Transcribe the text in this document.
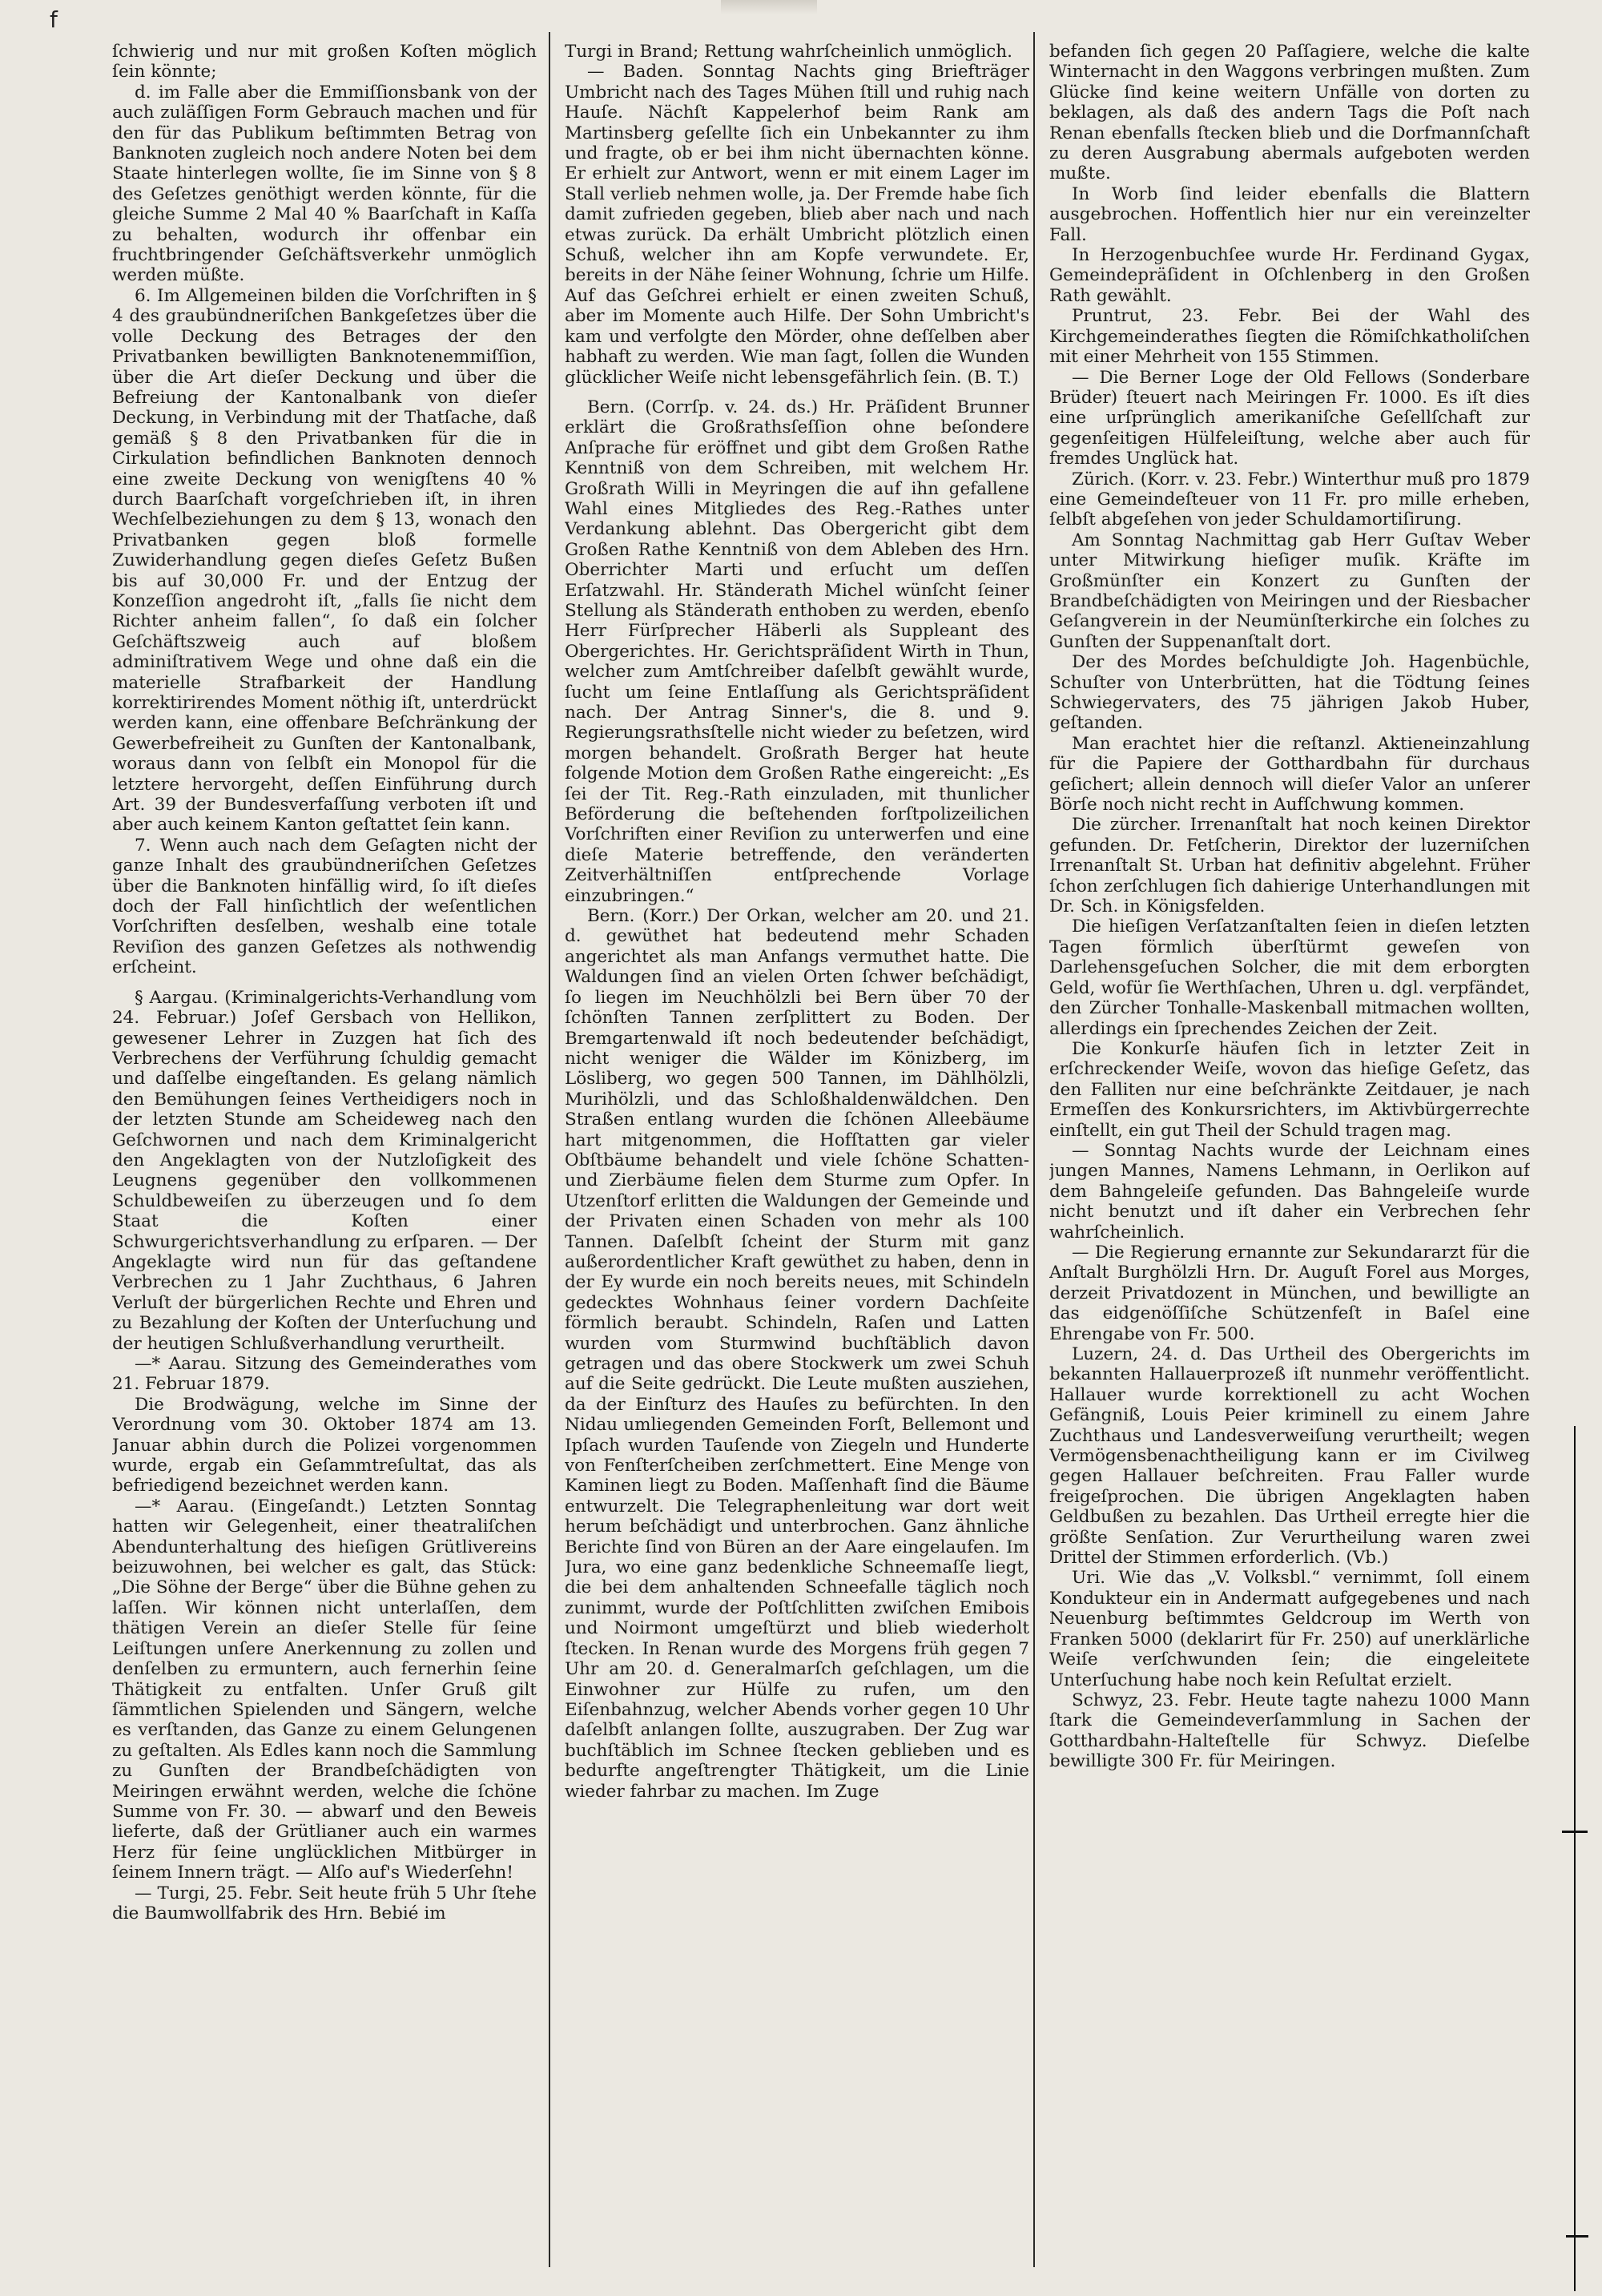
f

ſchwierig und nur mit großen Koſten möglich ſein könnte;

d. im Falle aber die Emmiſſionsbank von der auch zuläſſigen Form Gebrauch machen und für den für das Publikum beſtimmten Betrag von Banknoten zugleich noch andere Noten bei dem Staate hinterlegen wollte, ſie im Sinne von § 8 des Geſetzes genöthigt werden könnte, für die gleiche Summe 2 Mal 40 % Baarſchaft in Kaſſa zu behalten, wodurch ihr offenbar ein fruchtbringender Geſchäftsverkehr unmöglich werden müßte.

6. Im Allgemeinen bilden die Vorſchriften in § 4 des graubündneriſchen Bankgeſetzes über die volle Deckung des Betrages der den Privatbanken bewilligten Banknotenemmiſſion, über die Art dieſer Deckung und über die Befreiung der Kantonalbank von dieſer Deckung, in Verbindung mit der Thatſache, daß gemäß § 8 den Privatbanken für die in Cirkulation befindlichen Banknoten dennoch eine zweite Deckung von wenigſtens 40 % durch Baarſchaft vorgeſchrieben iſt, in ihren Wechſelbeziehungen zu dem § 13, wonach den Privatbanken gegen bloß formelle Zuwiderhandlung gegen dieſes Geſetz Bußen bis auf 30,000 Fr. und der Entzug der Konzeſſion angedroht iſt, „falls ſie nicht dem Richter anheim fallen“, ſo daß ein ſolcher Geſchäftszweig auch auf bloßem adminiſtrativem Wege und ohne daß ein die materielle Strafbarkeit der Handlung korrektirirendes Moment nöthig iſt, unterdrückt werden kann, eine offenbare Beſchränkung der Gewerbefreiheit zu Gunſten der Kantonalbank, woraus dann von ſelbſt ein Monopol für die letztere hervorgeht, deſſen Einführung durch Art. 39 der Bundesverfaſſung verboten iſt und aber auch keinem Kanton geſtattet ſein kann.

7. Wenn auch nach dem Geſagten nicht der ganze Inhalt des graubündneriſchen Geſetzes über die Banknoten hinfällig wird, ſo iſt dieſes doch der Fall hinſichtlich der weſentlichen Vorſchriften desſelben, weshalb eine totale Reviſion des ganzen Geſetzes als nothwendig erſcheint.

§ Aargau. (Kriminalgerichts-Verhandlung vom 24. Februar.) Joſef Gersbach von Hellikon, gewesener Lehrer in Zuzgen hat ſich des Verbrechens der Verführung ſchuldig gemacht und daſſelbe eingeſtanden. Es gelang nämlich den Bemühungen ſeines Vertheidigers noch in der letzten Stunde am Scheideweg nach den Geſchwornen und nach dem Kriminalgericht den Angeklagten von der Nutzloſigkeit des Leugnens gegenüber den vollkommenen Schuldbeweiſen zu überzeugen und ſo dem Staat die Koſten einer Schwurgerichtsverhandlung zu erſparen. — Der Angeklagte wird nun für das geſtandene Verbrechen zu 1 Jahr Zuchthaus, 6 Jahren Verluſt der bürgerlichen Rechte und Ehren und zu Bezahlung der Koſten der Unterſuchung und der heutigen Schlußverhandlung verurtheilt.

—* Aarau. Sitzung des Gemeinderathes vom 21. Februar 1879.

Die Brodwägung, welche im Sinne der Verordnung vom 30. Oktober 1874 am 13. Januar abhin durch die Polizei vorgenommen wurde, ergab ein Geſammtreſultat, das als befriedigend bezeichnet werden kann.

—* Aarau. (Eingeſandt.) Letzten Sonntag hatten wir Gelegenheit, einer theatraliſchen Abendunterhaltung des hieſigen Grütlivereins beizuwohnen, bei welcher es galt, das Stück: „Die Söhne der Berge“ über die Bühne gehen zu laſſen. Wir können nicht unterlaſſen, dem thätigen Verein an dieſer Stelle für ſeine Leiſtungen unſere Anerkennung zu zollen und denſelben zu ermuntern, auch fernerhin ſeine Thätigkeit zu entfalten. Unſer Gruß gilt ſämmtlichen Spielenden und Sängern, welche es verſtanden, das Ganze zu einem Gelungenen zu geſtalten. Als Edles kann noch die Sammlung zu Gunſten der Brandbeſchädigten von Meiringen erwähnt werden, welche die ſchöne Summe von Fr. 30. — abwarf und den Beweis lieferte, daß der Grütlianer auch ein warmes Herz für ſeine unglücklichen Mitbürger in ſeinem Innern trägt. — Alſo auf's Wiederſehn!

— Turgi, 25. Febr. Seit heute früh 5 Uhr ſtehe die Baumwollfabrik des Hrn. Bebié im

Turgi in Brand; Rettung wahrſcheinlich unmöglich.

— Baden. Sonntag Nachts ging Briefträger Umbricht nach des Tages Mühen ſtill und ruhig nach Hauſe. Nächſt Kappelerhof beim Rank am Martinsberg geſellte ſich ein Unbekannter zu ihm und fragte, ob er bei ihm nicht übernachten könne. Er erhielt zur Antwort, wenn er mit einem Lager im Stall verlieb nehmen wolle, ja. Der Fremde habe ſich damit zufrieden gegeben, blieb aber nach und nach etwas zurück. Da erhält Umbricht plötzlich einen Schuß, welcher ihn am Kopfe verwundete. Er, bereits in der Nähe ſeiner Wohnung, ſchrie um Hilfe. Auf das Geſchrei erhielt er einen zweiten Schuß, aber im Momente auch Hilfe. Der Sohn Umbricht's kam und verfolgte den Mörder, ohne deſſelben aber habhaft zu werden. Wie man ſagt, ſollen die Wunden glücklicher Weiſe nicht lebensgefährlich ſein. (B. T.)

Bern. (Corrſp. v. 24. ds.) Hr. Präſident Brunner erklärt die Großrathsſeſſion ohne beſondere Anſprache für eröffnet und gibt dem Großen Rathe Kenntniß von dem Schreiben, mit welchem Hr. Großrath Willi in Meyringen die auf ihn gefallene Wahl eines Mitgliedes des Reg.-Rathes unter Verdankung ablehnt. Das Obergericht gibt dem Großen Rathe Kenntniß von dem Ableben des Hrn. Oberrichter Marti und erſucht um deſſen Erſatzwahl. Hr. Ständerath Michel wünſcht ſeiner Stellung als Ständerath enthoben zu werden, ebenſo Herr Fürſprecher Häberli als Suppleant des Obergerichtes. Hr. Gerichtspräſident Wirth in Thun, welcher zum Amtſchreiber daſelbſt gewählt wurde, ſucht um ſeine Entlaſſung als Gerichtspräſident nach. Der Antrag Sinner's, die 8. und 9. Regierungsrathsſtelle nicht wieder zu beſetzen, wird morgen behandelt. Großrath Berger hat heute folgende Motion dem Großen Rathe eingereicht: „Es ſei der Tit. Reg.-Rath einzuladen, mit thunlicher Beförderung die beſtehenden forſtpolizeilichen Vorſchriften einer Reviſion zu unterwerfen und eine dieſe Materie betreffende, den veränderten Zeitverhältniſſen entſprechende Vorlage einzubringen.“

Bern. (Korr.) Der Orkan, welcher am 20. und 21. d. gewüthet hat bedeutend mehr Schaden angerichtet als man Anfangs vermuthet hatte. Die Waldungen ſind an vielen Orten ſchwer beſchädigt, ſo liegen im Neuchhölzli bei Bern über 70 der ſchönſten Tannen zerſplittert zu Boden. Der Bremgartenwald iſt noch bedeutender beſchädigt, nicht weniger die Wälder im Könizberg, im Lösliberg, wo gegen 500 Tannen, im Dählhölzli, Murihölzli, und das Schloßhaldenwäldchen. Den Straßen entlang wurden die ſchönen Alleebäume hart mitgenommen, die Hofſtatten gar vieler Obſtbäume behandelt und viele ſchöne Schatten- und Zierbäume fielen dem Sturme zum Opfer. In Utzenſtorf erlitten die Waldungen der Gemeinde und der Privaten einen Schaden von mehr als 100 Tannen. Daſelbſt ſcheint der Sturm mit ganz außerordentlicher Kraft gewüthet zu haben, denn in der Ey wurde ein noch bereits neues, mit Schindeln gedecktes Wohnhaus ſeiner vordern Dachſeite förmlich beraubt. Schindeln, Raſen und Latten wurden vom Sturmwind buchſtäblich davon getragen und das obere Stockwerk um zwei Schuh auf die Seite gedrückt. Die Leute mußten ausziehen, da der Einſturz des Hauſes zu befürchten. In den Nidau umliegenden Gemeinden Forſt, Bellemont und Ipſach wurden Tauſende von Ziegeln und Hunderte von Fenſterſcheiben zerſchmettert. Eine Menge von Kaminen liegt zu Boden. Maſſenhaft ſind die Bäume entwurzelt. Die Telegraphenleitung war dort weit herum beſchädigt und unterbrochen. Ganz ähnliche Berichte ſind von Büren an der Aare eingelaufen. Im Jura, wo eine ganz bedenkliche Schneemaſſe liegt, die bei dem anhaltenden Schneefalle täglich noch zunimmt, wurde der Poſtſchlitten zwiſchen Emibois und Noirmont umgeſtürzt und blieb wiederholt ſtecken. In Renan wurde des Morgens früh gegen 7 Uhr am 20. d. Generalmarſch geſchlagen, um die Einwohner zur Hülfe zu rufen, um den Eiſenbahnzug, welcher Abends vorher gegen 10 Uhr daſelbſt anlangen ſollte, auszugraben. Der Zug war buchſtäblich im Schnee ſtecken geblieben und es bedurfte angeſtrengter Thätigkeit, um die Linie wieder fahrbar zu machen. Im Zuge

befanden ſich gegen 20 Paſſagiere, welche die kalte Winternacht in den Waggons verbringen mußten. Zum Glücke ſind keine weitern Unfälle von dorten zu beklagen, als daß des andern Tags die Poſt nach Renan ebenfalls ſtecken blieb und die Dorfmannſchaft zu deren Ausgrabung abermals aufgeboten werden mußte.

In Worb ſind leider ebenfalls die Blattern ausgebrochen. Hoffentlich hier nur ein vereinzelter Fall.

In Herzogenbuchſee wurde Hr. Ferdinand Gygax, Gemeindepräſident in Oſchlenberg in den Großen Rath gewählt.

Pruntrut, 23. Febr. Bei der Wahl des Kirchgemeinderathes ſiegten die Römiſchkatholiſchen mit einer Mehrheit von 155 Stimmen.

— Die Berner Loge der Old Fellows (Sonderbare Brüder) ſteuert nach Meiringen Fr. 1000. Es iſt dies eine urſprünglich amerikaniſche Geſellſchaft zur gegenſeitigen Hülfeleiſtung, welche aber auch für fremdes Unglück hat.

Zürich. (Korr. v. 23. Febr.) Winterthur muß pro 1879 eine Gemeindeſteuer von 11 Fr. pro mille erheben, ſelbſt abgeſehen von jeder Schuldamortiſirung.

Am Sonntag Nachmittag gab Herr Guſtav Weber unter Mitwirkung hieſiger muſik. Kräfte im Großmünſter ein Konzert zu Gunſten der Brandbeſchädigten von Meiringen und der Riesbacher Geſangverein in der Neumünſterkirche ein ſolches zu Gunſten der Suppenanſtalt dort.

Der des Mordes beſchuldigte Joh. Hagenbüchle, Schuſter von Unterbrütten, hat die Tödtung ſeines Schwiegervaters, des 75 jährigen Jakob Huber, geſtanden.

Man erachtet hier die reſtanzl. Aktieneinzahlung für die Papiere der Gotthardbahn für durchaus geſichert; allein dennoch will dieſer Valor an unſerer Börſe noch nicht recht in Aufſchwung kommen.

Die zürcher. Irrenanſtalt hat noch keinen Direktor gefunden. Dr. Fetſcherin, Direktor der luzerniſchen Irrenanſtalt St. Urban hat definitiv abgelehnt. Früher ſchon zerſchlugen ſich dahierige Unterhandlungen mit Dr. Sch. in Königsfelden.

Die hieſigen Verſatzanſtalten ſeien in dieſen letzten Tagen förmlich überſtürmt geweſen von Darlehensgeſuchen Solcher, die mit dem erborgten Geld, wofür ſie Werthſachen, Uhren u. dgl. verpfändet, den Zürcher Tonhalle-Maskenball mitmachen wollten, allerdings ein ſprechendes Zeichen der Zeit.

Die Konkurſe häufen ſich in letzter Zeit in erſchreckender Weiſe, wovon das hieſige Geſetz, das den Falliten nur eine beſchränkte Zeitdauer, je nach Ermeſſen des Konkursrichters, im Aktivbürgerrechte einſtellt, ein gut Theil der Schuld tragen mag.

— Sonntag Nachts wurde der Leichnam eines jungen Mannes, Namens Lehmann, in Oerlikon auf dem Bahngeleiſe gefunden. Das Bahngeleiſe wurde nicht benutzt und iſt daher ein Verbrechen ſehr wahrſcheinlich.

— Die Regierung ernannte zur Sekundararzt für die Anſtalt Burghölzli Hrn. Dr. Auguſt Forel aus Morges, derzeit Privatdozent in München, und bewilligte an das eidgenöſſiſche Schützenfeſt in Baſel eine Ehrengabe von Fr. 500.

Luzern, 24. d. Das Urtheil des Obergerichts im bekannten Hallauerprozeß iſt nunmehr veröffentlicht. Hallauer wurde korrektionell zu acht Wochen Gefängniß, Louis Peier kriminell zu einem Jahre Zuchthaus und Landesverweiſung verurtheilt; wegen Vermögensbenachtheiligung kann er im Civilweg gegen Hallauer beſchreiten. Frau Faller wurde freigeſprochen. Die übrigen Angeklagten haben Geldbußen zu bezahlen. Das Urtheil erregte hier die größte Senſation. Zur Verurtheilung waren zwei Drittel der Stimmen erforderlich. (Vb.)

Uri. Wie das „V. Volksbl.“ vernimmt, ſoll einem Kondukteur ein in Andermatt aufgegebenes und nach Neuenburg beſtimmtes Geldcroup im Werth von Franken 5000 (deklarirt für Fr. 250) auf unerklärliche Weiſe verſchwunden ſein; die eingeleitete Unterſuchung habe noch kein Reſultat erzielt.

Schwyz, 23. Febr. Heute tagte nahezu 1000 Mann ſtark die Gemeindeverſammlung in Sachen der Gotthardbahn-Halteſtelle für Schwyz. Dieſelbe bewilligte 300 Fr. für Meiringen.
